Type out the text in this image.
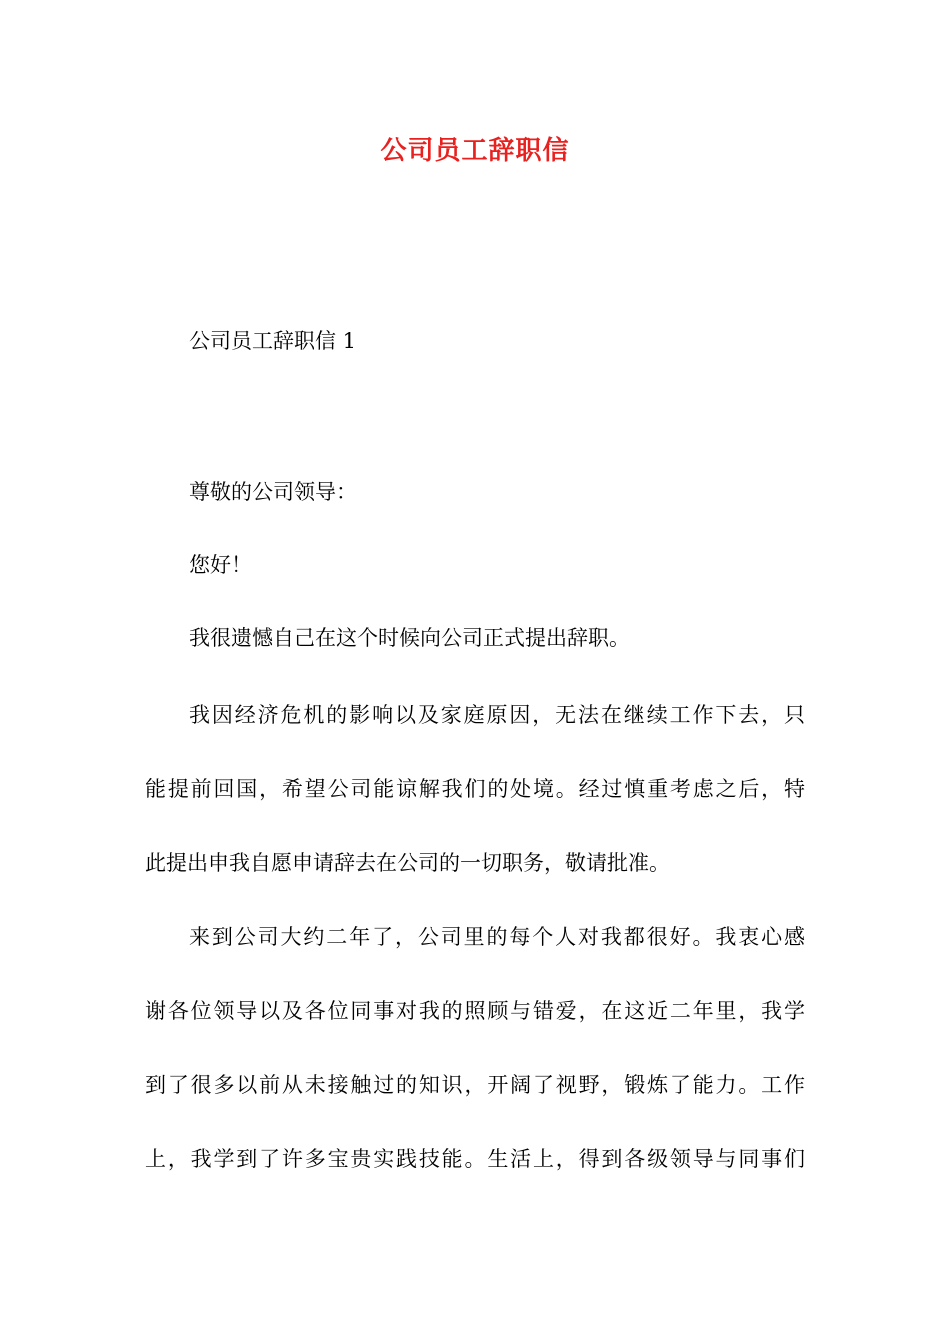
公司员工辞职信
公司员工辞职信 1
尊敬的公司领导：
您好！
我很遗憾自己在这个时候向公司正式提出辞职。
我因经济危机的影响以及家庭原因，无法在继续工作下去，只
能提前回国，希望公司能谅解我们的处境。经过慎重考虑之后，特
此提出申我自愿申请辞去在公司的一切职务，敬请批准。
来到公司大约二年了，公司里的每个人对我都很好。我衷心感
谢各位领导以及各位同事对我的照顾与错爱，在这近二年里，我学
到了很多以前从未接触过的知识，开阔了视野，锻炼了能力。工作
上，我学到了许多宝贵实践技能。生活上，得到各级领导与同事们
